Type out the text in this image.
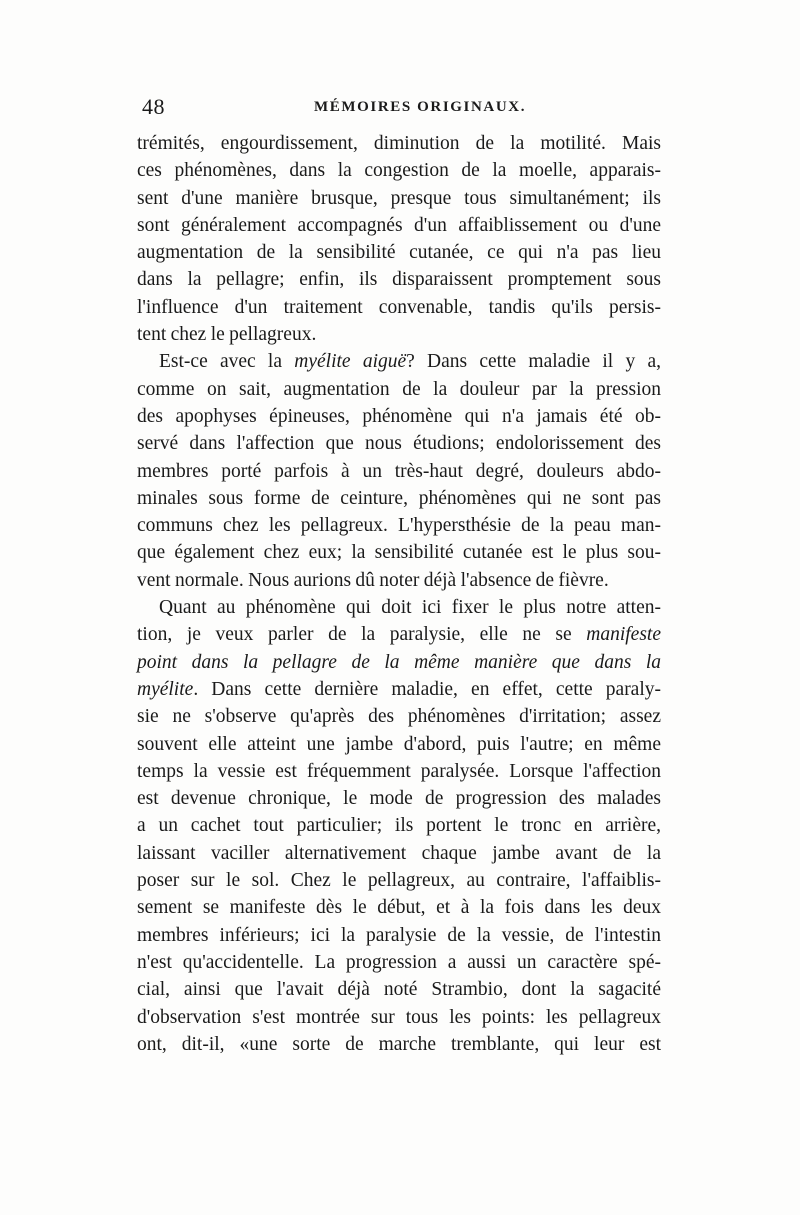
48	MÉMOIRES ORIGINAUX.
trémités, engourdissement, diminution de la motilité. Mais
ces phénomènes, dans la congestion de la moelle, apparais-
sent d'une manière brusque, presque tous simultanément; ils
sont généralement accompagnés d'un affaiblissement ou d'une
augmentation de la sensibilité cutanée, ce qui n'a pas lieu
dans la pellagre; enfin, ils disparaissent promptement sous
l'influence d'un traitement convenable, tandis qu'ils persis-
tent chez le pellagreux.
Est-ce avec la myélite aiguë? Dans cette maladie il y a,
comme on sait, augmentation de la douleur par la pression
des apophyses épineuses, phénomène qui n'a jamais été ob-
servé dans l'affection que nous étudions; endolorissement des
membres porté parfois à un très-haut degré, douleurs abdo-
minales sous forme de ceinture, phénomènes qui ne sont pas
communs chez les pellagreux. L'hypersthésie de la peau man-
que également chez eux; la sensibilité cutanée est le plus sou-
vent normale. Nous aurions dû noter déjà l'absence de fièvre.
Quant au phénomène qui doit ici fixer le plus notre atten-
tion, je veux parler de la paralysie, elle ne se manifeste
point dans la pellagre de la même manière que dans la
myélite. Dans cette dernière maladie, en effet, cette paraly-
sie ne s'observe qu'après des phénomènes d'irritation; assez
souvent elle atteint une jambe d'abord, puis l'autre; en même
temps la vessie est fréquemment paralysée. Lorsque l'affection
est devenue chronique, le mode de progression des malades
a un cachet tout particulier; ils portent le tronc en arrière,
laissant vaciller alternativement chaque jambe avant de la
poser sur le sol. Chez le pellagreux, au contraire, l'affaiblis-
sement se manifeste dès le début, et à la fois dans les deux
membres inférieurs; ici la paralysie de la vessie, de l'intestin
n'est qu'accidentelle. La progression a aussi un caractère spé-
cial, ainsi que l'avait déjà noté Strambio, dont la sagacité
d'observation s'est montrée sur tous les points: les pellagreux
ont, dit-il, «une sorte de marche tremblante, qui leur est
